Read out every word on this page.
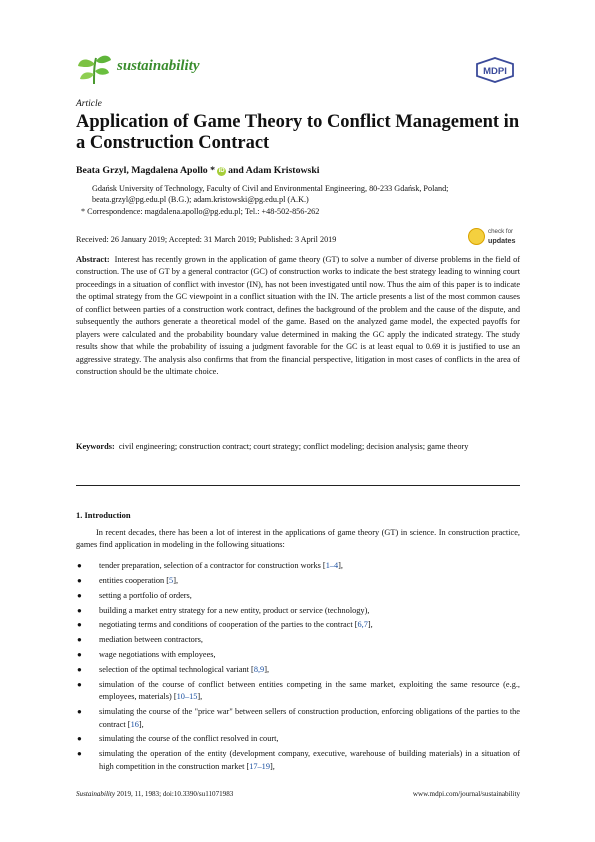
sustainability	MDPI
Article
Application of Game Theory to Conflict Management in a Construction Contract
Beata Grzyl, Magdalena Apollo * iD and Adam Kristowski
Gdańsk University of Technology, Faculty of Civil and Environmental Engineering, 80-233 Gdańsk, Poland;
beata.grzyl@pg.edu.pl (B.G.); adam.kristowski@pg.edu.pl (A.K.)
* Correspondence: magdalena.apollo@pg.edu.pl; Tel.: +48-502-856-262
check for
updates
Received: 26 January 2019; Accepted: 31 March 2019; Published: 3 April 2019
Abstract: Interest has recently grown in the application of game theory (GT) to solve a number of diverse problems in the field of construction. The use of GT by a general contractor (GC) of construction works to indicate the best strategy leading to winning court proceedings in a situation of conflict with investor (IN), has not been investigated until now. Thus the aim of this paper is to indicate the optimal strategy from the GC viewpoint in a conflict situation with the IN. The article presents a list of the most common causes of conflict between parties of a construction work contract, defines the background of the problem and the cause of the dispute, and subsequently the authors generate a theoretical model of the game. Based on the analyzed game model, the expected payoffs for players were calculated and the probability boundary value determined in making the GC apply the indicated strategy. The study results show that while the probability of issuing a judgment favorable for the GC is at least equal to 0.69 it is justified to use an aggressive strategy. The analysis also confirms that from the financial perspective, litigation in most cases of conflicts in the area of construction should be the ultimate choice.
Keywords: civil engineering; construction contract; court strategy; conflict modeling; decision analysis; game theory
1. Introduction

In recent decades, there has been a lot of interest in the applications of game theory (GT) in science. In construction practice, games find application in modeling in the following situations:

● tender preparation, selection of a contractor for construction works [1–4],
● entities cooperation [5],
● setting a portfolio of orders,
● building a market entry strategy for a new entity, product or service (technology),
● negotiating terms and conditions of cooperation of the parties to the contract [6,7],
● mediation between contractors,
● wage negotiations with employees,
● selection of the optimal technological variant [8,9],
● simulation of the course of conflict between entities competing in the same market, exploiting the same resource (e.g., employees, materials) [10–15],
● simulating the course of the "price war" between sellers of construction production, enforcing obligations of the parties to the contract [16],
● simulating the course of the conflict resolved in court,
● simulating the operation of the entity (development company, executive, warehouse of building materials) in a situation of high competition in the construction market [17–19],
Sustainability 2019, 11, 1983; doi:10.3390/su11071983	www.mdpi.com/journal/sustainability
